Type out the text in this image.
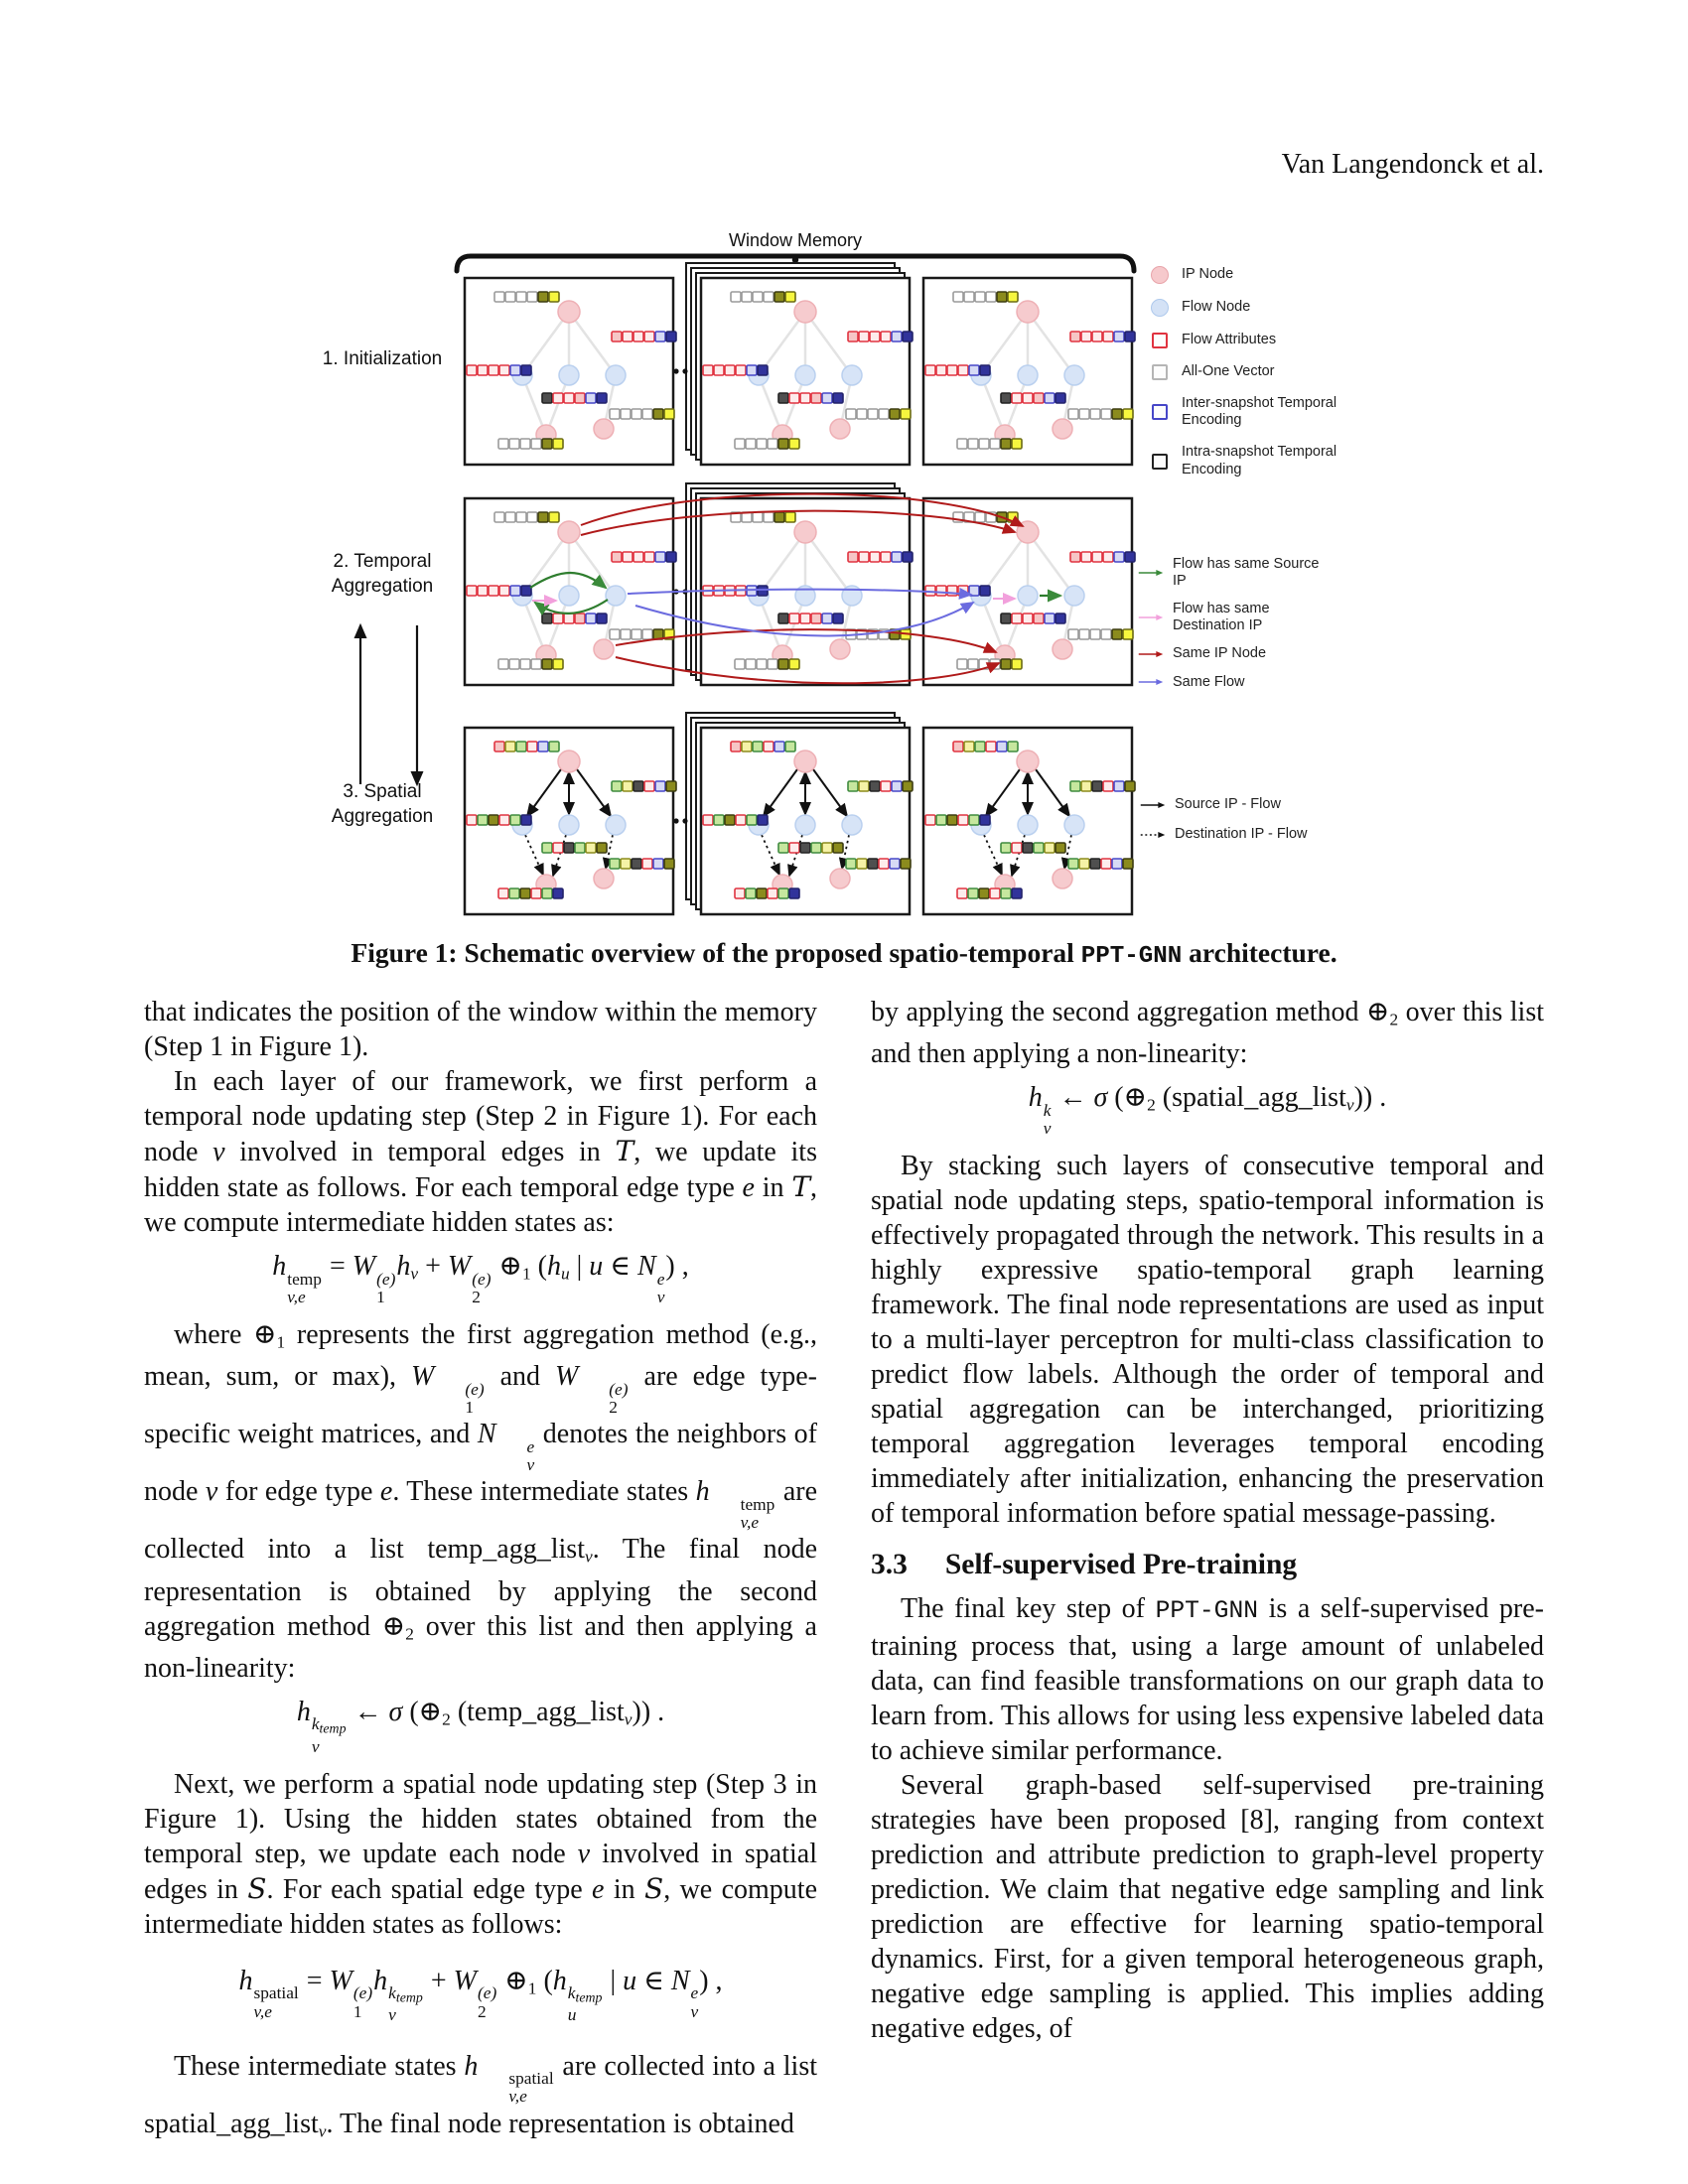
Van Langendonck et al.
Window Memory
1. Initialization
2. Temporal Aggregation
3. Spatial Aggregation
IP Node
Flow Node
Flow Attributes
All-One Vector
Inter-snapshot Temporal Encoding
Intra-snapshot Temporal Encoding
Flow has same Source IP
Flow has same Destination IP
Same IP Node
Same Flow
Source IP - Flow
Destination IP - Flow
Figure 1: Schematic overview of the proposed spatio-temporal PPT-GNN architecture.
that indicates the position of the window within the memory (Step 1 in Figure 1).
In each layer of our framework, we first perform a temporal node updating step (Step 2 in Figure 1). For each node v involved in temporal edges in T, we update its hidden state as follows. For each temporal edge type e in T, we compute intermediate hidden states as:
h temp
v,e
= W (e)
1
hv + W (e)
2
⊕1 (hu | u ∈ N e
v
) ,
where ⊕1 represents the first aggregation method (e.g., mean, sum, or max), W	(e)
1
and W	(e)
2
are edge type-specific weight matrices, and N	e
v
denotes the neighbors of node v for edge type e. These intermediate states h	temp
v,e
are collected into a list temp_agg_listv. The final node representation is obtained by applying the second aggregation method ⊕2 over this list and then applying a non-linearity:
h $k_{temp}$
v
← σ (⊕2 (temp_agg_listv)) .
Next, we perform a spatial node updating step (Step 3 in Figure 1). Using the hidden states obtained from the temporal step, we update each node v involved in spatial edges in S. For each spatial edge type e in S, we compute intermediate hidden states as follows:
h spatial
v,e
= W (e)
1
h $k_{temp}$
v
+ W (e)
2
⊕1 (h $k_{temp}$
u
| u ∈ N e
v
) ,
These intermediate states h	spatial
v,e
are collected into a list spatial_agg_listv. The final node representation is obtained
by applying the second aggregation method ⊕2 over this list and then applying a non-linearity:
h k
v
← σ (⊕2 (spatial_agg_listv)) .
By stacking such layers of consecutive temporal and spatial node updating steps, spatio-temporal information is effectively propagated through the network. This results in a highly expressive spatio-temporal graph learning framework. The final node representations are used as input to a multi-layer perceptron for multi-class classification to predict flow labels. Although the order of temporal and spatial aggregation can be interchanged, prioritizing temporal aggregation leverages temporal encoding immediately after initialization, enhancing the preservation of temporal information before spatial message-passing.
3.3 Self-supervised Pre-training
The final key step of PPT-GNN is a self-supervised pre-training process that, using a large amount of unlabeled data, can find feasible transformations on our graph data to learn from. This allows for using less expensive labeled data to achieve similar performance.
Several graph-based self-supervised pre-training strategies have been proposed [8], ranging from context prediction and attribute prediction to graph-level property prediction. We claim that negative edge sampling and link prediction are effective for learning spatio-temporal dynamics. First, for a given temporal heterogeneous graph, negative edge sampling is applied. This implies adding negative edges, of
